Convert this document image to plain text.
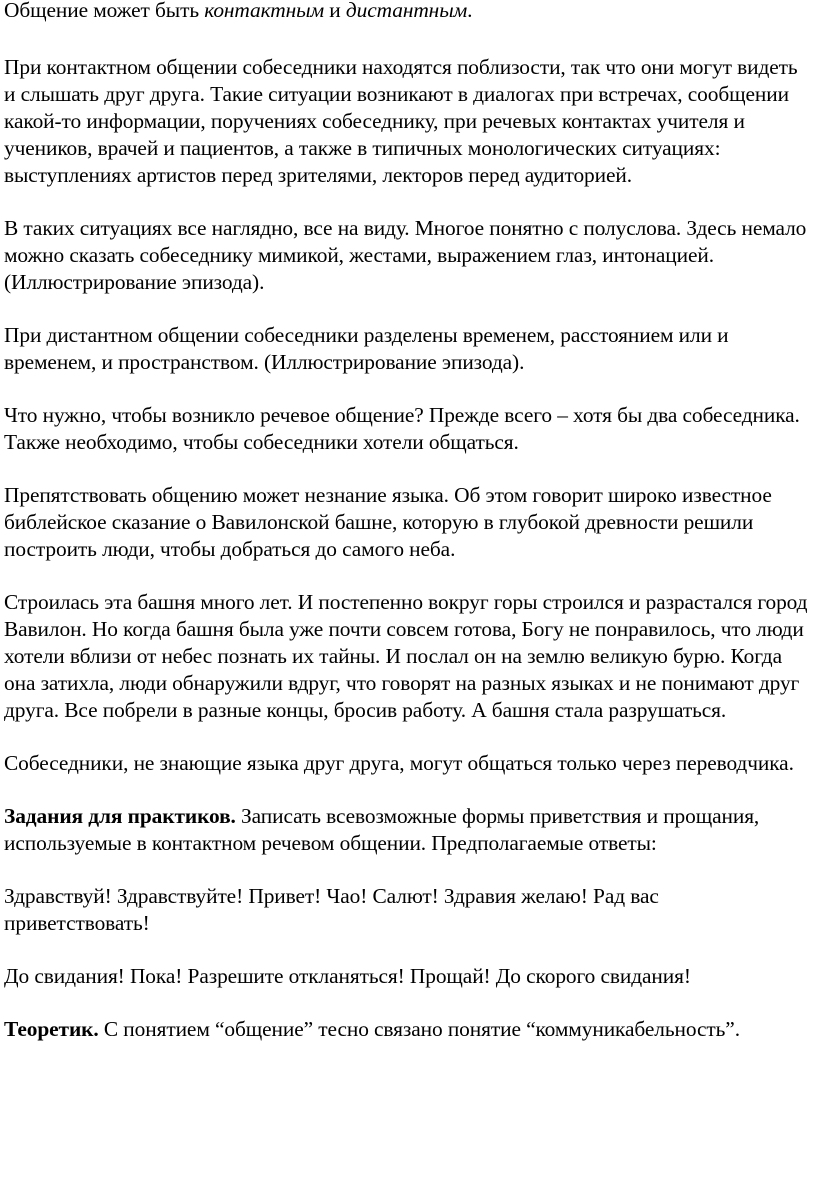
Общение может быть контактным и дистантным.

При контактном общении собеседники находятся поблизости, так что они могут видеть и слышать друг друга. Такие ситуации возникают в диалогах при встречах, сообщении какой-то информации, поручениях собеседнику, при речевых контактах учителя и учеников, врачей и пациентов, а также в типичных монологических ситуациях: выступлениях артистов перед зрителями, лекторов перед аудиторией.

В таких ситуациях все наглядно, все на виду. Многое понятно с полуслова. Здесь немало можно сказать собеседнику мимикой, жестами, выражением глаз, интонацией. (Иллюстрирование эпизода).

При дистантном общении собеседники разделены временем, расстоянием или и временем, и пространством. (Иллюстрирование эпизода).

Что нужно, чтобы возникло речевое общение? Прежде всего – хотя бы два собеседника. Также необходимо, чтобы собеседники хотели общаться.

Препятствовать общению может незнание языка. Об этом говорит широко известное библейское сказание о Вавилонской башне, которую в глубокой древности решили построить люди, чтобы добраться до самого неба.

Строилась эта башня много лет. И постепенно вокруг горы строился и разрастался город Вавилон. Но когда башня была уже почти совсем готова, Богу не понравилось, что люди хотели вблизи от небес познать их тайны. И послал он на землю великую бурю. Когда она затихла, люди обнаружили вдруг, что говорят на разных языках и не понимают друг друга. Все побрели в разные концы, бросив работу. А башня стала разрушаться.

Собеседники, не знающие языка друг друга, могут общаться только через переводчика.

Задания для практиков. Записать всевозможные формы приветствия и прощания, используемые в контактном речевом общении. Предполагаемые ответы:

Здравствуй! Здравствуйте! Привет! Чао! Салют! Здравия желаю! Рад вас приветствовать!

До свидания! Пока! Разрешите откланяться! Прощай! До скорого свидания!

Теоретик. С понятием “общение” тесно связано понятие “коммуникабельность”.
